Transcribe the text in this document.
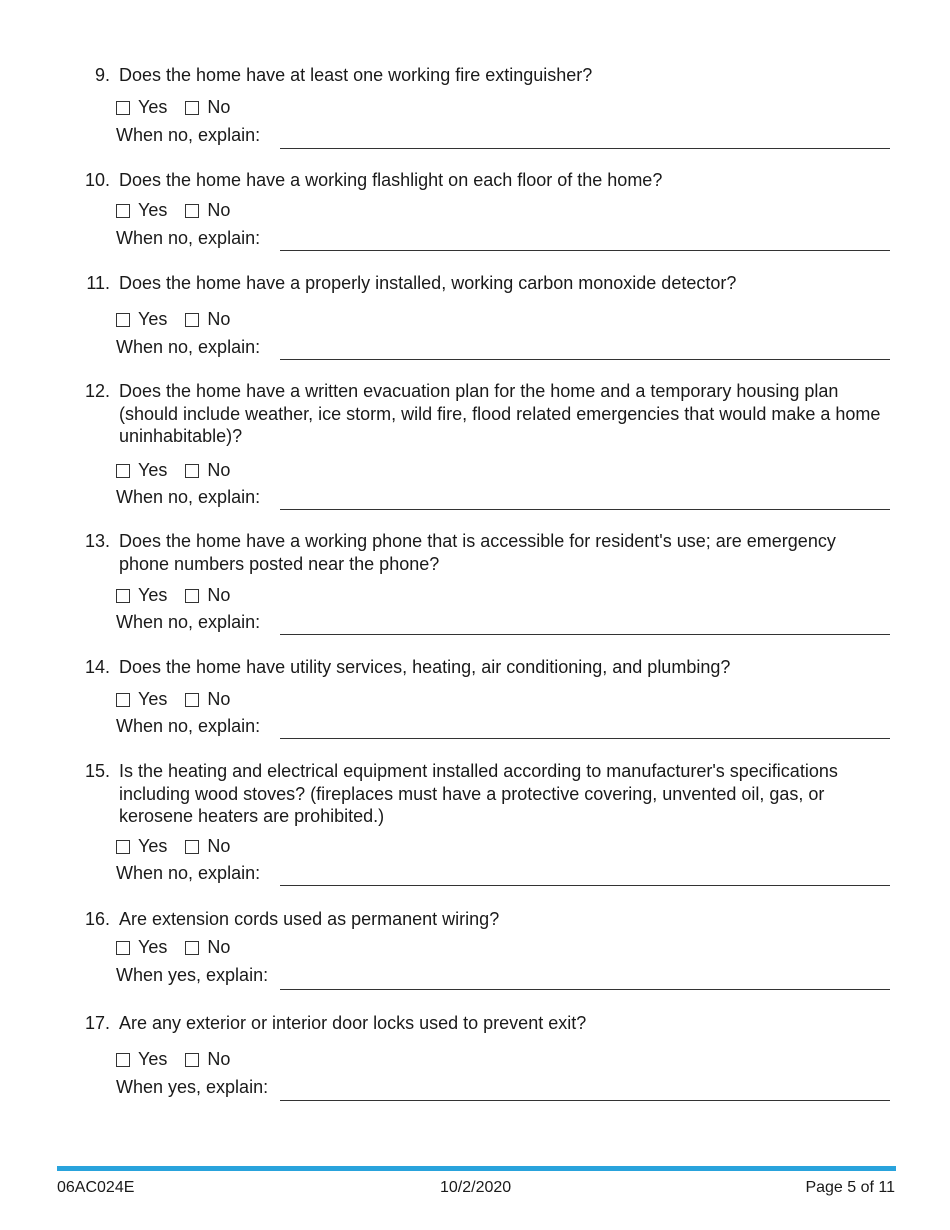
9. Does the home have at least one working fire extinguisher?
Yes No
When no, explain:
10. Does the home have a working flashlight on each floor of the home?
Yes No
When no, explain:
11. Does the home have a properly installed, working carbon monoxide detector?
Yes No
When no, explain:
12. Does the home have a written evacuation plan for the home and a temporary housing plan (should include weather, ice storm, wild fire, flood related emergencies that would make a home uninhabitable)?
Yes No
When no, explain:
13. Does the home have a working phone that is accessible for resident's use; are emergency phone numbers posted near the phone?
Yes No
When no, explain:
14. Does the home have utility services, heating, air conditioning, and plumbing?
Yes No
When no, explain:
15. Is the heating and electrical equipment installed according to manufacturer's specifications including wood stoves? (fireplaces must have a protective covering, unvented oil, gas, or kerosene heaters are prohibited.)
Yes No
When no, explain:
16. Are extension cords used as permanent wiring?
Yes No
When yes, explain:
17. Are any exterior or interior door locks used to prevent exit?
Yes No
When yes, explain:
06AC024E	10/2/2020	Page 5 of 11
